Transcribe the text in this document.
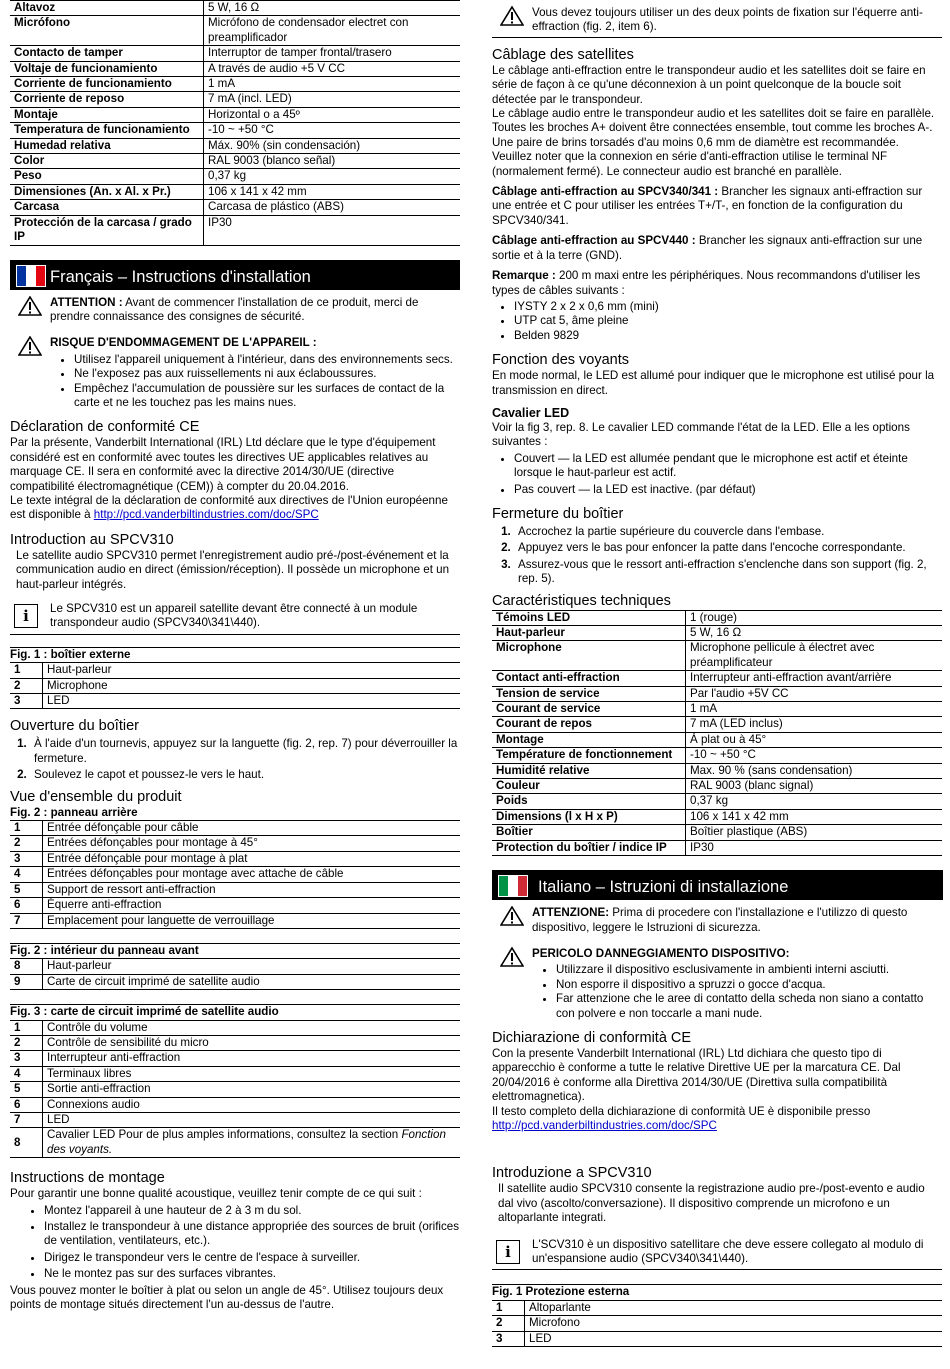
Altavoz	5 W, 16 Ω
Micrófono	Micrófono de condensador electret con preamplificador
Contacto de tamper	Interruptor de tamper frontal/trasero
Voltaje de funcionamiento	A través de audio +5 V CC
Corriente de funcionamiento	1 mA
Corriente de reposo	7 mA (incl. LED)
Montaje	Horizontal o a 45º
Temperatura de funcionamiento	-10 ~ +50 °C
Humedad relativa	Máx. 90% (sin condensación)
Color	RAL 9003 (blanco señal)
Peso	0,37 kg
Dimensiones (An. x Al. x Pr.)	106 x 141 x 42 mm
Carcasa	Carcasa de plástico (ABS)
Protección de la carcasa / grado IP	IP30
Français – Instructions d'installation

ATTENTION : Avant de commencer l'installation de ce produit, merci de prendre connaissance des consignes de sécurité.

RISQUE D'ENDOMMAGEMENT DE L'APPAREIL :

• Utilisez l'appareil uniquement à l'intérieur, dans des environnements secs.
• Ne l'exposez pas aux ruissellements ni aux éclaboussures.
• Empêchez l'accumulation de poussière sur les surfaces de contact de la carte et ne les touchez pas les mains nues.
Déclaration de conformité CE

Par la présente, Vanderbilt International (IRL) Ltd déclare que le type d'équipement considéré est en conformité avec toutes les directives UE applicables relatives au marquage CE. Il sera en conformité avec la directive 2014/30/UE (directive compatibilité électromagnétique (CEM)) à compter du 20.04.2016.

Le texte intégral de la déclaration de conformité aux directives de l'Union européenne est disponible à http://pcd.vanderbiltindustries.com/doc/SPC

Introduction au SPCV310

Le satellite audio SPCV310 permet l'enregistrement audio pré-/post-événement et la communication audio en direct (émission/réception). Il possède un microphone et un haut-parleur intégrés.

i	Le SPCV310 est un appareil satellite devant être connecté à un module transpondeur audio (SPCV340\341\440).

Fig. 1 : boîtier externe
1	Haut-parleur
2	Microphone
3	LED
Ouverture du boîtier
1. À l'aide d'un tournevis, appuyez sur la languette (fig. 2, rep. 7) pour déverrouiller la fermeture.
2. Soulevez le capot et poussez-le vers le haut.
Vue d'ensemble du produit
Fig. 2 : panneau arrière
1	Entrée défonçable pour câble
2	Entrées défonçables pour montage à 45°
3	Entrée défonçable pour montage à plat
4	Entrées défonçables pour montage avec attache de câble
5	Support de ressort anti-effraction
6	Équerre anti-effraction
7	Emplacement pour languette de verrouillage
Fig. 2 : intérieur du panneau avant
8	Haut-parleur
9	Carte de circuit imprimé de satellite audio
Fig. 3 : carte de circuit imprimé de satellite audio
1	Contrôle du volume
2	Contrôle de sensibilité du micro
3	Interrupteur anti-effraction
4	Terminaux libres
5	Sortie anti-effraction
6	Connexions audio
7	LED
8	Cavalier LED Pour de plus amples informations, consultez la section Fonction des voyants.
Instructions de montage

Pour garantir une bonne qualité acoustique, veuillez tenir compte de ce qui suit :

• Montez l'appareil à une hauteur de 2 à 3 m du sol.
• Installez le transpondeur à une distance appropriée des sources de bruit (orifices de ventilation, ventilateurs, etc.).
• Dirigez le transpondeur vers le centre de l'espace à surveiller.
• Ne le montez pas sur des surfaces vibrantes.

Vous pouvez monter le boîtier à plat ou selon un angle de 45°. Utilisez toujours deux points de montage situés directement l'un au-dessus de l'autre.

Vous devez toujours utiliser un des deux points de fixation sur l'équerre anti-effraction (fig. 2, item 6).

Câblage des satellites

Le câblage anti-effraction entre le transpondeur audio et les satellites doit se faire en série de façon à ce qu'une déconnexion à un point quelconque de la boucle soit détectée par le transpondeur.

Le câblage audio entre le transpondeur audio et les satellites doit se faire en parallèle. Toutes les broches A+ doivent être connectées ensemble, tout comme les broches A-. Une paire de brins torsadés d'au moins 0,6 mm de diamètre est recommandée.

Veuillez noter que la connexion en série d'anti-effraction utilise le terminal NF (normalement fermé). Le connecteur audio est branché en parallèle.

Câblage anti-effraction au SPCV340/341 : Brancher les signaux anti-effraction sur une entrée et C pour utiliser les entrées T+/T-, en fonction de la configuration du SPCV340/341.

Câblage anti-effraction au SPCV440 : Brancher les signaux anti-effraction sur une sortie et à la terre (GND).

Remarque : 200 m maxi entre les périphériques. Nous recommandons d'utiliser les types de câbles suivants :

• IYSTY 2 x 2 x 0,6 mm (mini)
• UTP cat 5, âme pleine
• Belden 9829
Fonction des voyants

En mode normal, le LED est allumé pour indiquer que le microphone est utilisé pour la transmission en direct.

Cavalier LED

Voir la fig 3, rep. 8. Le cavalier LED commande l'état de la LED. Elle a les options suivantes :

• Couvert — la LED est allumée pendant que le microphone est actif et éteinte lorsque le haut-parleur est actif.
• Pas couvert — la LED est inactive. (par défaut)
Fermeture du boîtier
1. Accrochez la partie supérieure du couvercle dans l'embase.
2. Appuyez vers le bas pour enfoncer la patte dans l'encoche correspondante.
3. Assurez-vous que le ressort anti-effraction s'enclenche dans son support (fig. 2, rep. 5).
Caractéristiques techniques
Témoins LED	1 (rouge)
Haut-parleur	5 W, 16 Ω
Microphone	Microphone pellicule à électret avec préamplificateur
Contact anti-effraction	Interrupteur anti-effraction avant/arrière
Tension de service	Par l'audio +5V CC
Courant de service	1 mA
Courant de repos	7 mA (LED inclus)
Montage	À plat ou à 45°
Température de fonctionnement	-10 ~ +50 °C
Humidité relative	Max. 90 % (sans condensation)
Couleur	RAL 9003 (blanc signal)
Poids	0,37 kg
Dimensions (l x H x P)	106 x 141 x 42 mm
Boîtier	Boîtier plastique (ABS)
Protection du boîtier / indice IP	IP30
Italiano – Istruzioni di installazione

ATTENZIONE: Prima di procedere con l'installazione e l'utilizzo di questo dispositivo, leggere le Istruzioni di sicurezza.

PERICOLO DANNEGGIAMENTO DISPOSITIVO:

• Utilizzare il dispositivo esclusivamente in ambienti interni asciutti.
• Non esporre il dispositivo a spruzzi o gocce d'acqua.
• Far attenzione che le aree di contatto della scheda non siano a contatto con polvere e non toccarle a mani nude.
Dichiarazione di conformità CE

Con la presente Vanderbilt International (IRL) Ltd dichiara che questo tipo di apparecchio è conforme a tutte le relative Direttive UE per la marcatura CE. Dal 20/04/2016 è conforme alla Direttiva 2014/30/UE (Direttiva sulla compatibilità elettromagnetica).

Il testo completo della dichiarazione di conformità UE è disponibile presso

http://pcd.vanderbiltindustries.com/doc/SPC

Introduzione a SPCV310

Il satellite audio SPCV310 consente la registrazione audio pre-/post-evento e audio dal vivo (ascolto/conversazione). Il dispositivo comprende un microfono e un altoparlante integrati.

i	L'SCV310 è un dispositivo satellitare che deve essere collegato al modulo di un'espansione audio (SPCV340\341\440).

Fig. 1 Protezione esterna
1	Altoparlante
2	Microfono
3	LED
